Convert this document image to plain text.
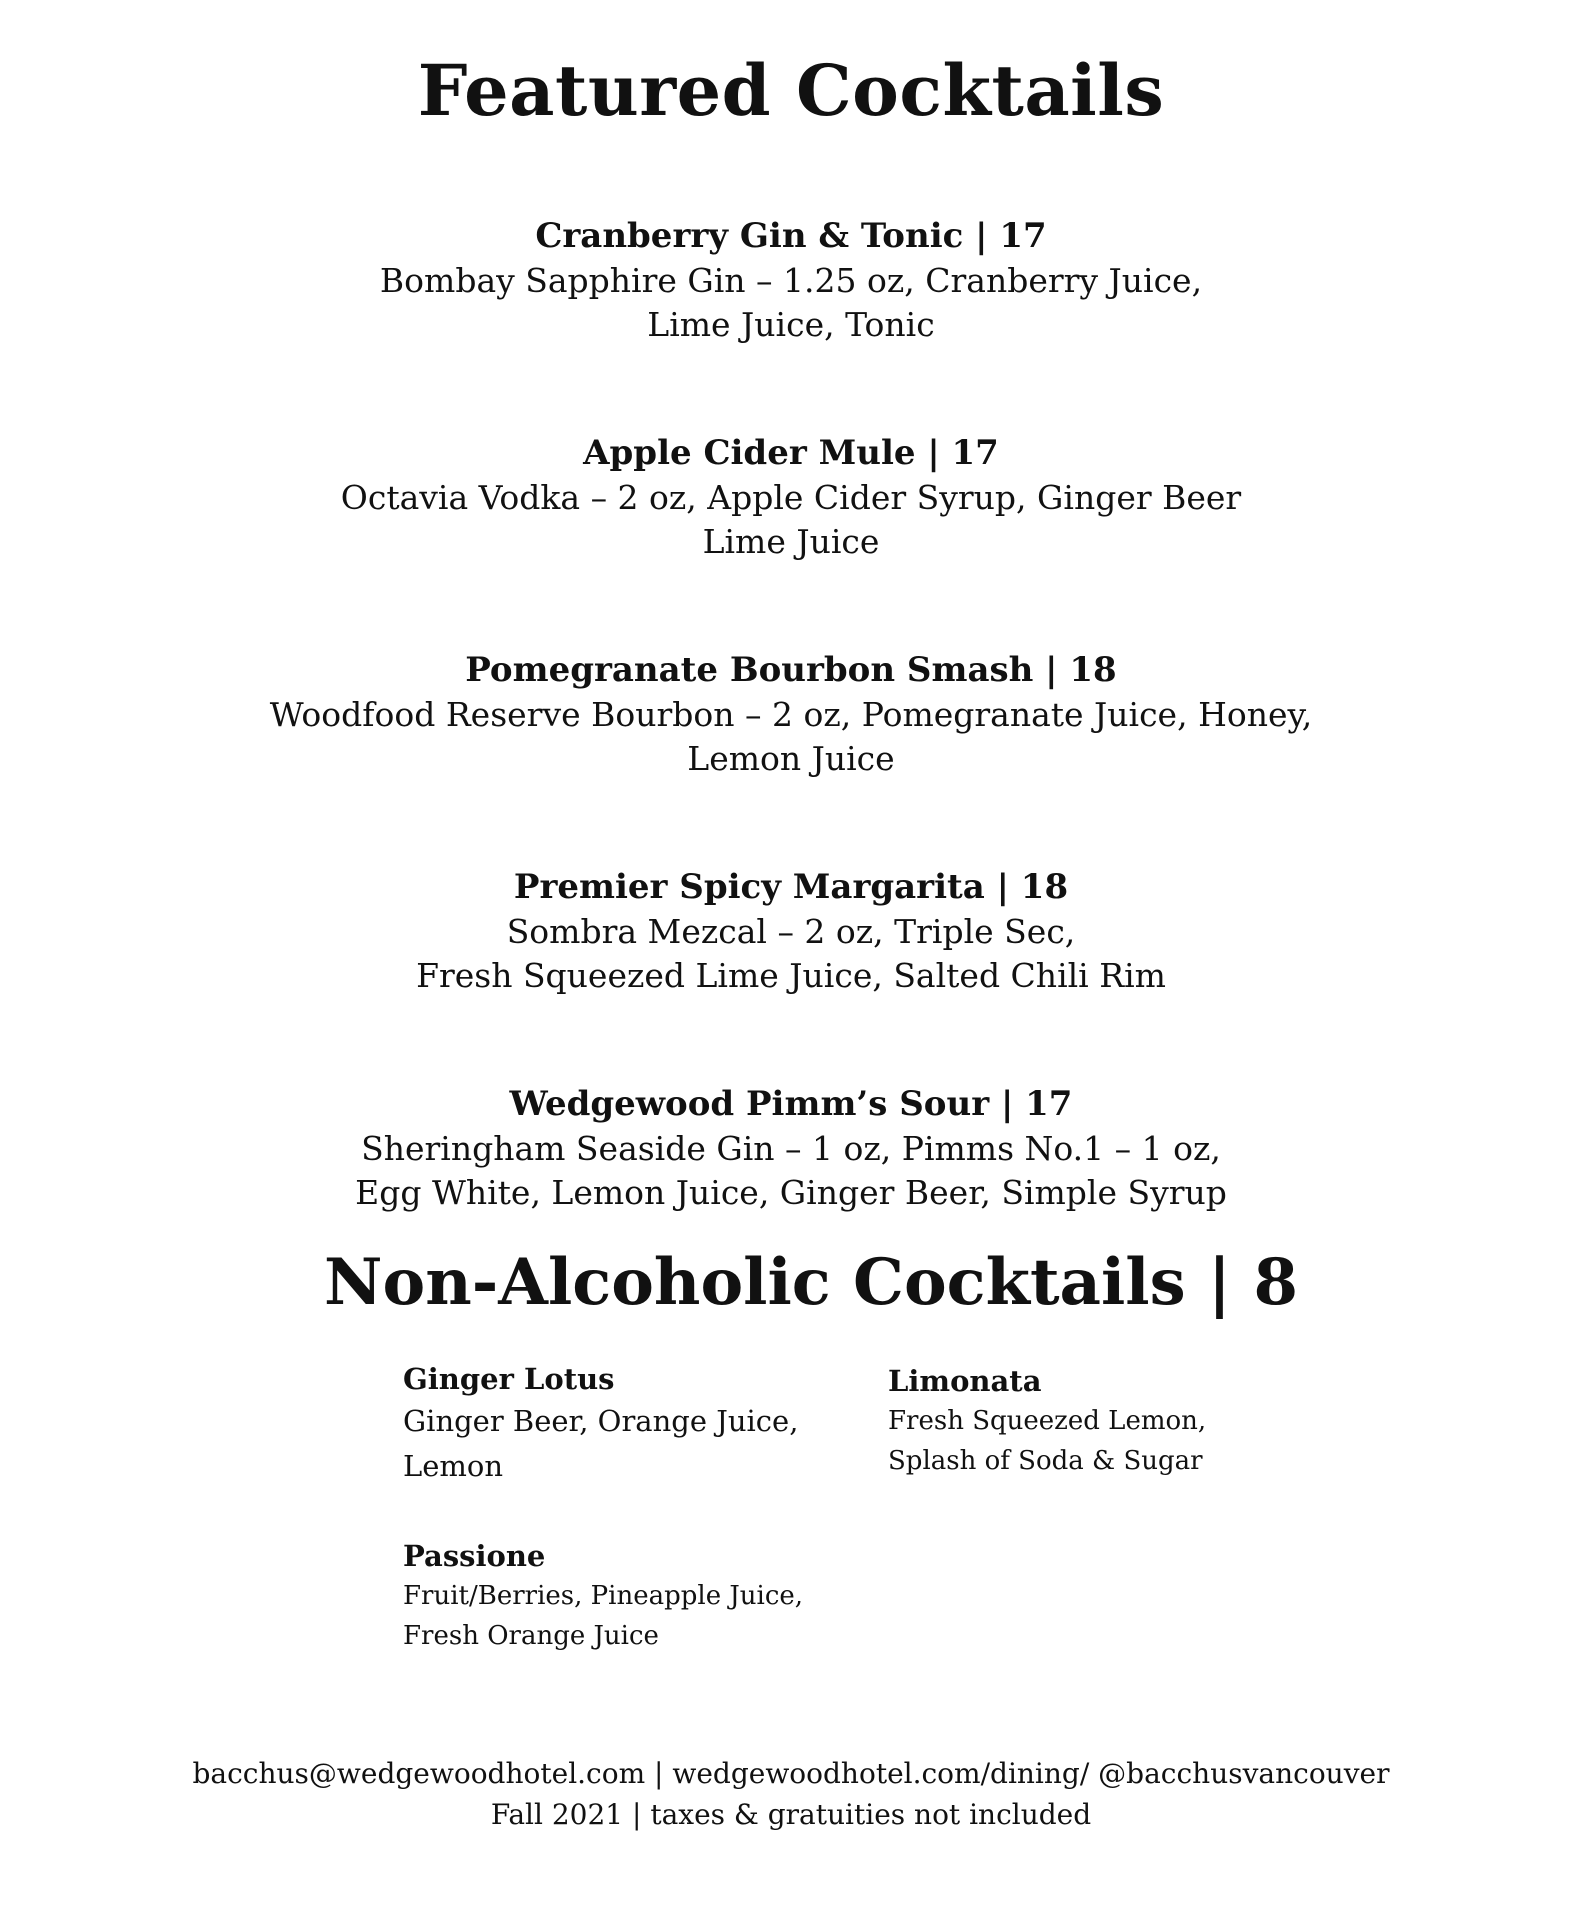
Featured Cocktails
Cranberry Gin & Tonic | 17
Bombay Sapphire Gin – 1.25 oz, Cranberry Juice,
Lime Juice, Tonic
Apple Cider Mule | 17
Octavia Vodka – 2 oz, Apple Cider Syrup, Ginger Beer
Lime Juice
Pomegranate Bourbon Smash | 18
Woodfood Reserve Bourbon – 2 oz, Pomegranate Juice, Honey,
Lemon Juice
Premier Spicy Margarita | 18
Sombra Mezcal – 2 oz, Triple Sec,
Fresh Squeezed Lime Juice, Salted Chili Rim
Wedgewood Pimm’s Sour | 17
Sheringham Seaside Gin – 1 oz, Pimms No.1 – 1 oz,
Egg White, Lemon Juice, Ginger Beer, Simple Syrup
Non-Alcoholic Cocktails | 8
Ginger Lotus
Ginger Beer, Orange Juice,
Lemon
Limonata
Fresh Squeezed Lemon,
Splash of Soda & Sugar
Passione
Fruit/Berries, Pineapple Juice,
Fresh Orange Juice
bacchus@wedgewoodhotel.com | wedgewoodhotel.com/dining/ @bacchusvancouver
Fall 2021 | taxes & gratuities not included
